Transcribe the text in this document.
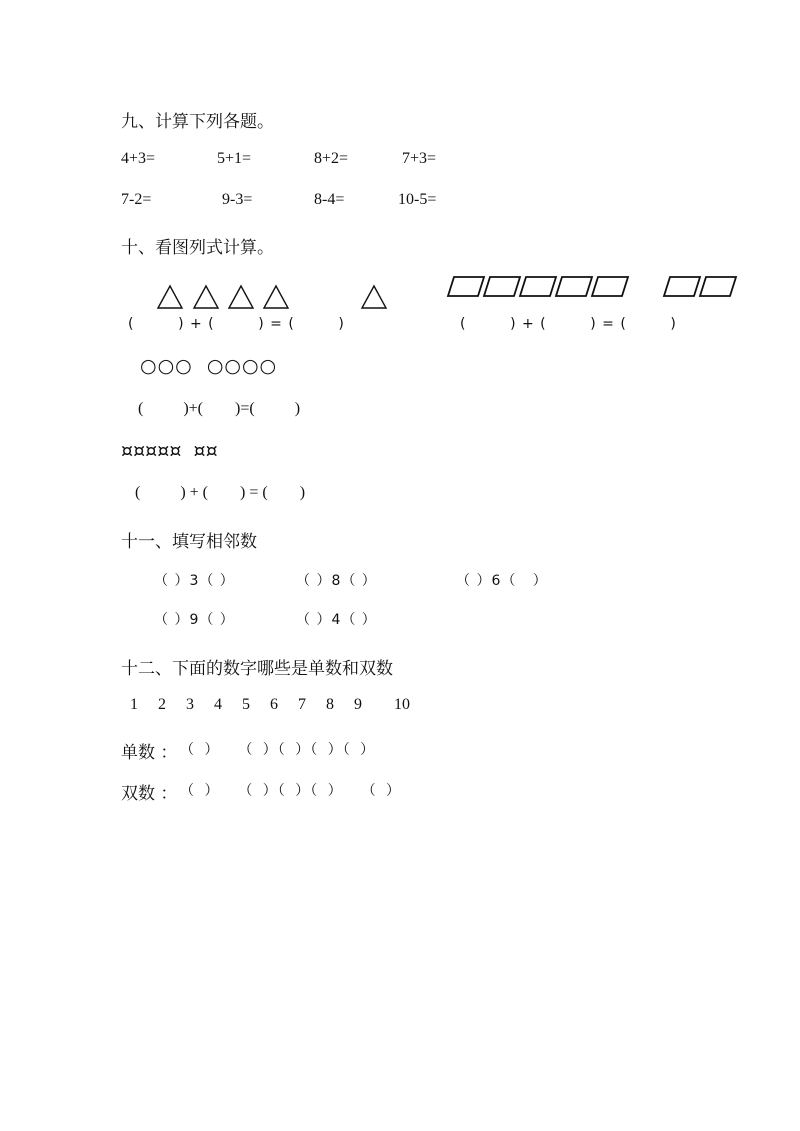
九、计算下列各题。
4+3=	5+1=	8+2=	7+3=
7-2=	9-3=	8-4=	10-5=
十、看图列式计算。
(        ) + (        ) = (        )	(        ) + (        ) = (        )
○○○  ○○○○
(          )+(        )=(          )
¤¤¤¤¤  ¤¤
(          ) + (        ) = (        )
十一、填写相邻数
（ ）3（ ）	（ ）8（ ）	（ ）6（   ）
（ ）9（ ）	（ ）4（ ）
十二、下面的数字哪些是单数和双数
1 2 3 4 5 6 7 8 9 10
单数 ： （ ）  （ ）（ ）（ ）（ ）
双数 ： （ ）  （ ）（ ）（ ）  （ ）
